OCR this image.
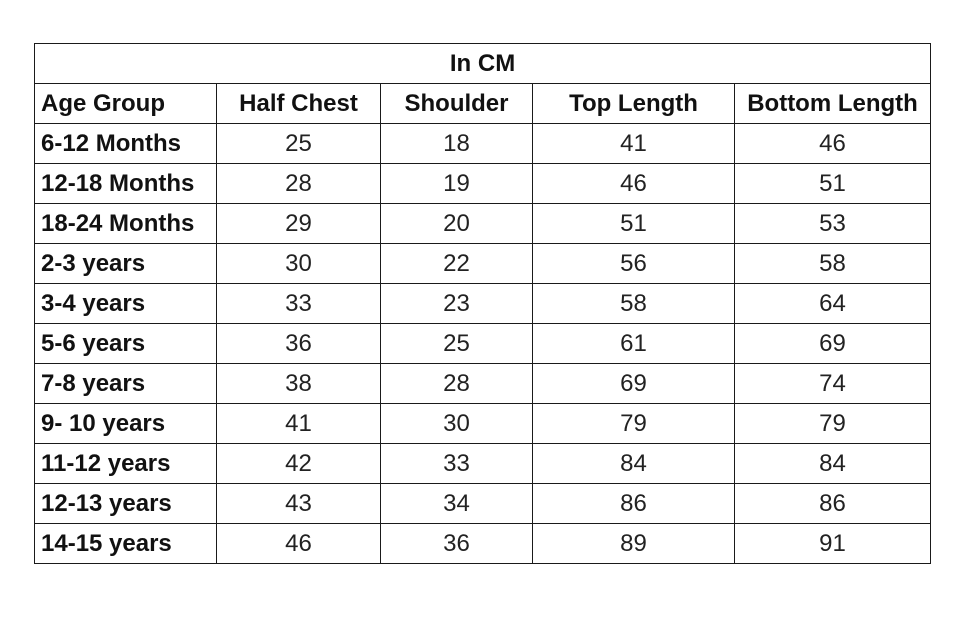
In CM				
Age Group	Half Chest	Shoulder	Top Length	Bottom Length
6-12 Months	25	18	41	46
12-18 Months	28	19	46	51
18-24 Months	29	20	51	53
2-3 years	30	22	56	58
3-4 years	33	23	58	64
5-6 years	36	25	61	69
7-8 years	38	28	69	74
9- 10 years	41	30	79	79
11-12 years	42	33	84	84
12-13 years	43	34	86	86
14-15 years	46	36	89	91
